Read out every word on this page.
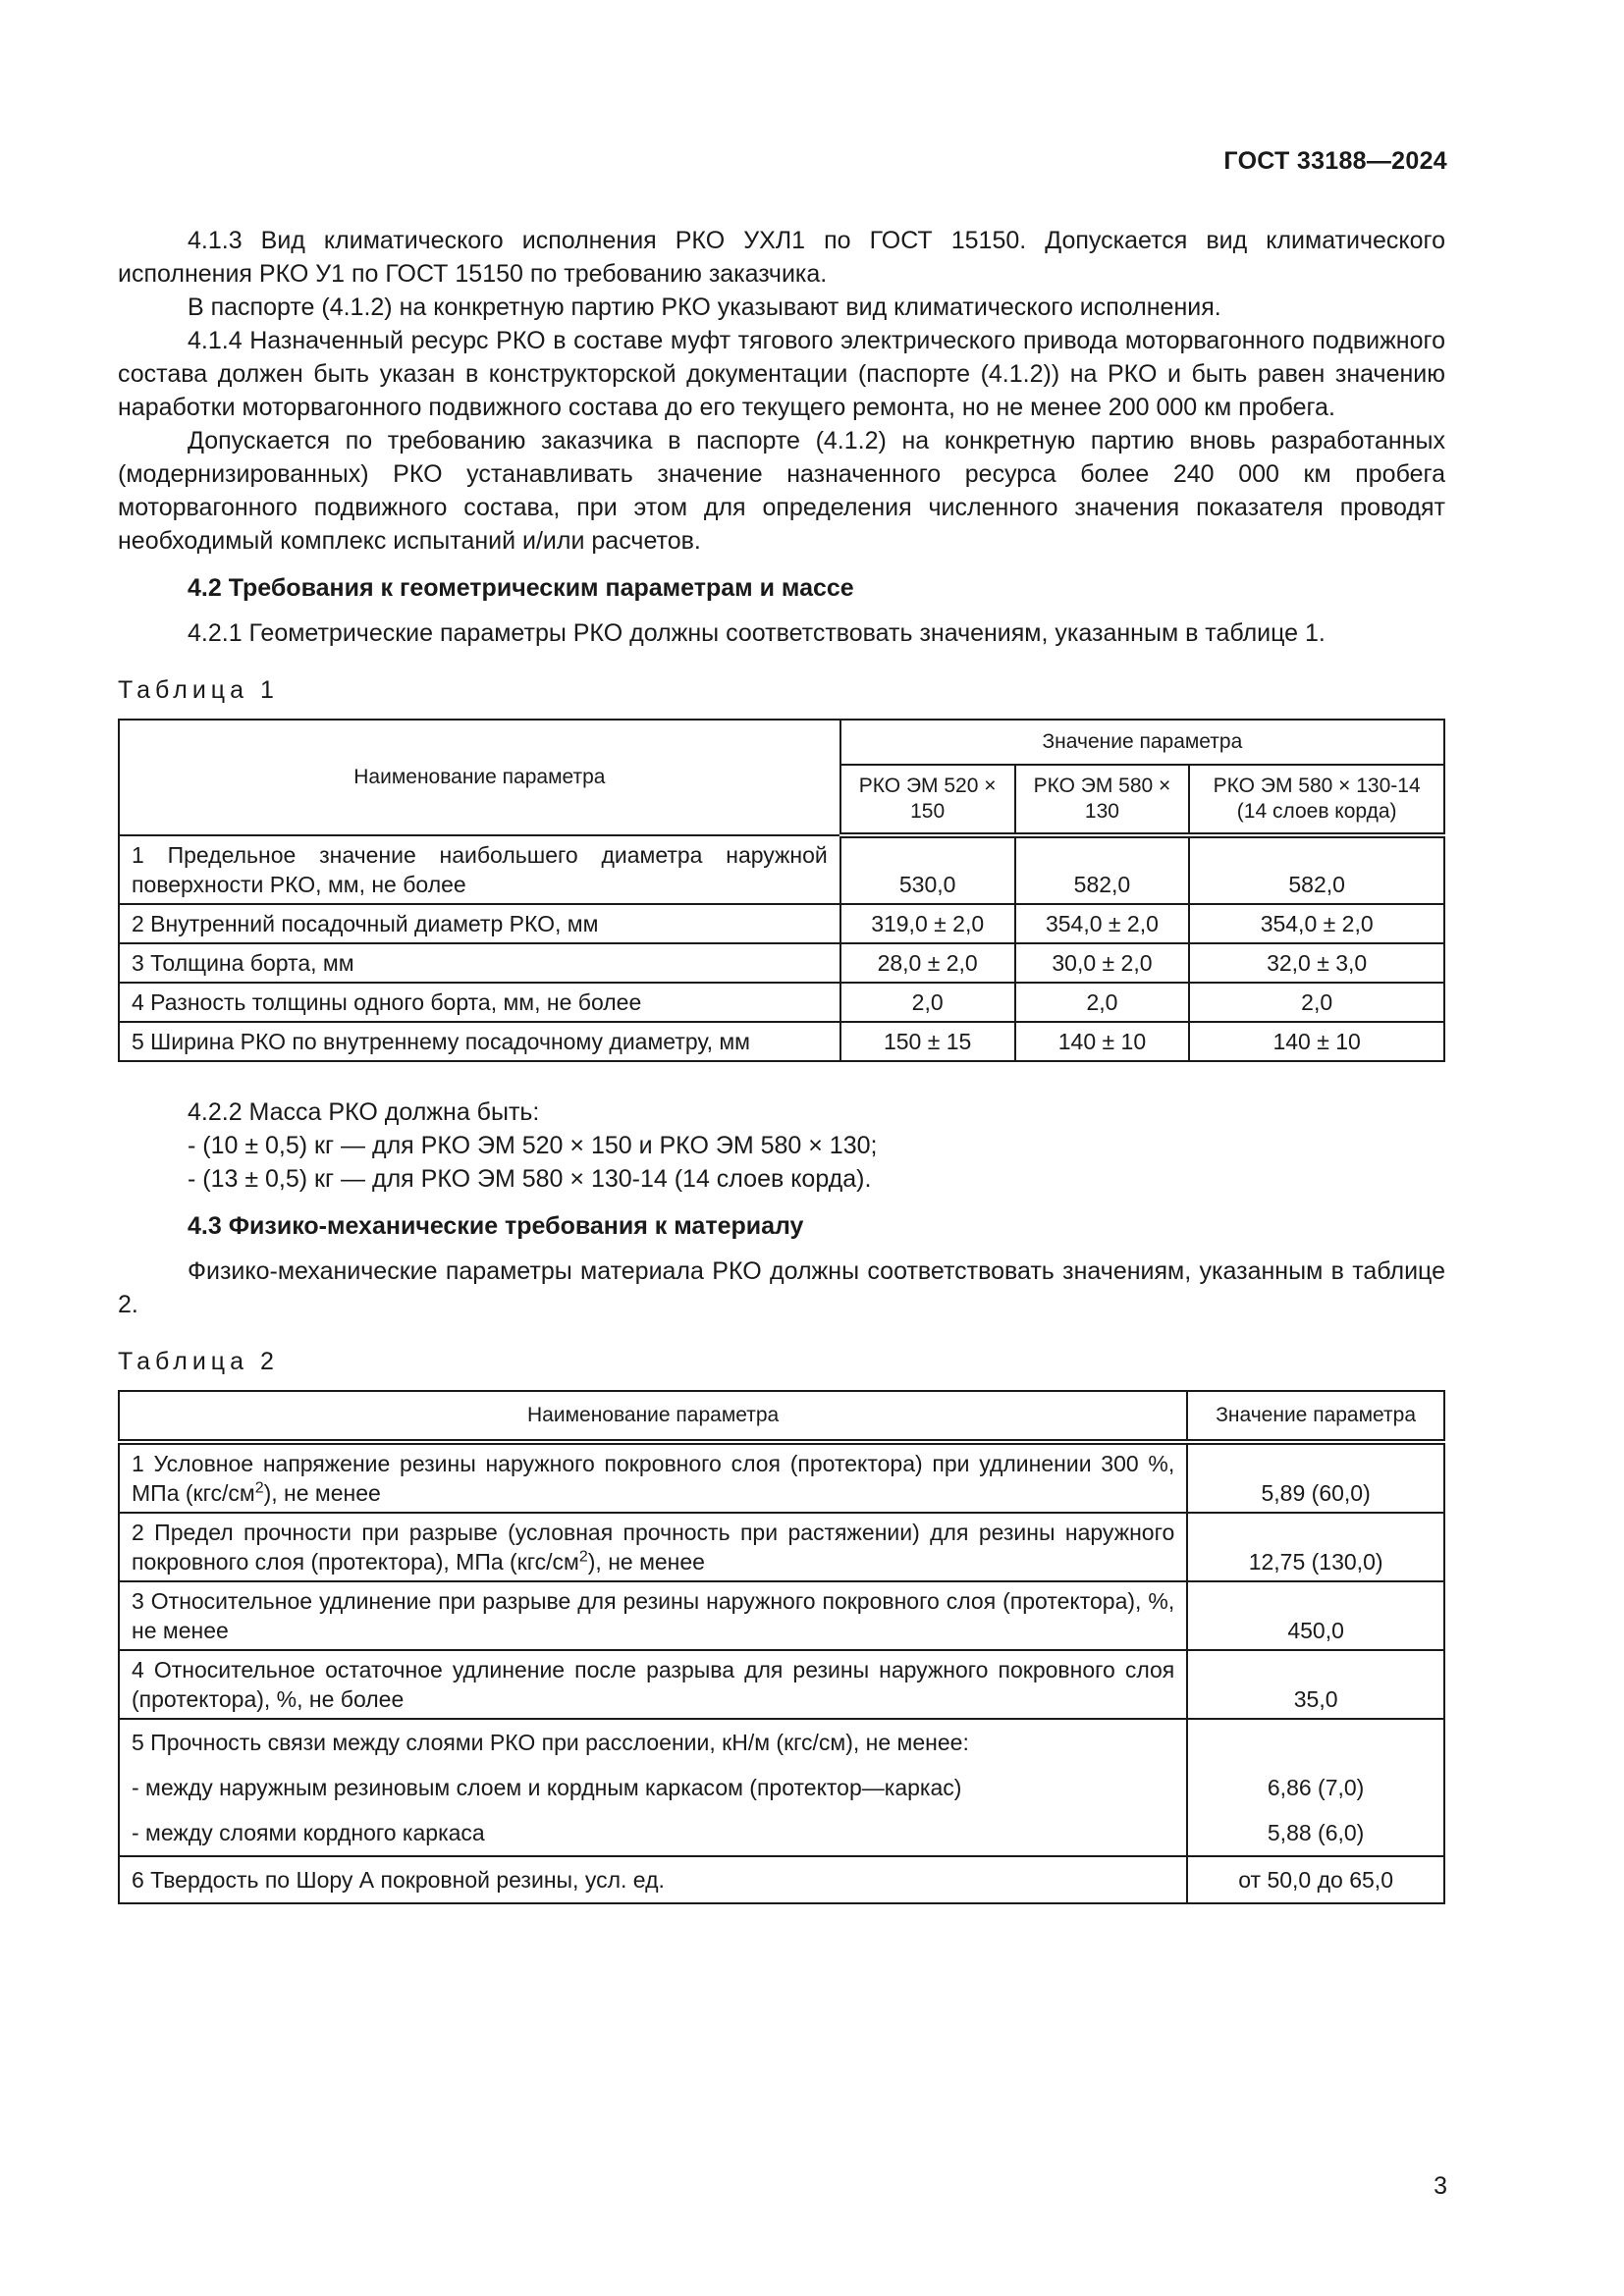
ГОСТ 33188—2024

4.1.3 Вид климатического исполнения РКО УХЛ1 по ГОСТ 15150. Допускается вид климатического исполнения РКО У1 по ГОСТ 15150 по требованию заказчика.

В паспорте (4.1.2) на конкретную партию РКО указывают вид климатического исполнения.

4.1.4 Назначенный ресурс РКО в составе муфт тягового электрического привода моторвагонного подвижного состава должен быть указан в конструкторской документации (паспорте (4.1.2)) на РКО и быть равен значению наработки моторвагонного подвижного состава до его текущего ремонта, но не менее 200 000 км пробега.

Допускается по требованию заказчика в паспорте (4.1.2) на конкретную партию вновь разработанных (модернизированных) РКО устанавливать значение назначенного ресурса более 240 000 км пробега моторвагонного подвижного состава, при этом для определения численного значения показателя проводят необходимый комплекс испытаний и/или расчетов.

4.2 Требования к геометрическим параметрам и массе

4.2.1 Геометрические параметры РКО должны соответствовать значениям, указанным в таблице 1.

Таблица 1

Наименование параметра	Значение параметра		
	РКО ЭМ 520 × 150	РКО ЭМ 580 × 130	РКО ЭМ 580 × 130-14 (14 слоев корда)
1 Предельное значение наибольшего диаметра наружной поверхности РКО, мм, не более	530,0	582,0	582,0
2 Внутренний посадочный диаметр РКО, мм	319,0 ± 2,0	354,0 ± 2,0	354,0 ± 2,0
3 Толщина борта, мм	28,0 ± 2,0	30,0 ± 2,0	32,0 ± 3,0
4 Разность толщины одного борта, мм, не более	2,0	2,0	2,0
5 Ширина РКО по внутреннему посадочному диаметру, мм	150 ± 15	140 ± 10	140 ± 10

4.2.2 Масса РКО должна быть:

- (10 ± 0,5) кг — для РКО ЭМ 520 × 150 и РКО ЭМ 580 × 130;

- (13 ± 0,5) кг — для РКО ЭМ 580 × 130-14 (14 слоев корда).

4.3 Физико-механические требования к материалу

Физико-механические параметры материала РКО должны соответствовать значениям, указанным в таблице 2.

Таблица 2

Наименование параметра	Значение параметра
1 Условное напряжение резины наружного покровного слоя (протектора) при удлинении 300 %, МПа $(кгс/см^2)$, не менее	5,89 (60,0)
2 Предел прочности при разрыве (условная прочность при растяжении) для резины наружного покровного слоя (протектора), МПа $(кгс/см^2)$, не менее	12,75 (130,0)
3 Относительное удлинение при разрыве для резины наружного покровного слоя (протектора), %, не менее	450,0
4 Относительное остаточное удлинение после разрыва для резины наружного покровного слоя (протектора), %, не более	35,0
5 Прочность связи между слоями РКО при расслоении, кН/м (кгс/см), не менее:	
- между наружным резиновым слоем и кордным каркасом (протектор—каркас)	6,86 (7,0)
- между слоями кордного каркаса	5,88 (6,0)
6 Твердость по Шору А покровной резины, усл. ед.	от 50,0 до 65,0
3
